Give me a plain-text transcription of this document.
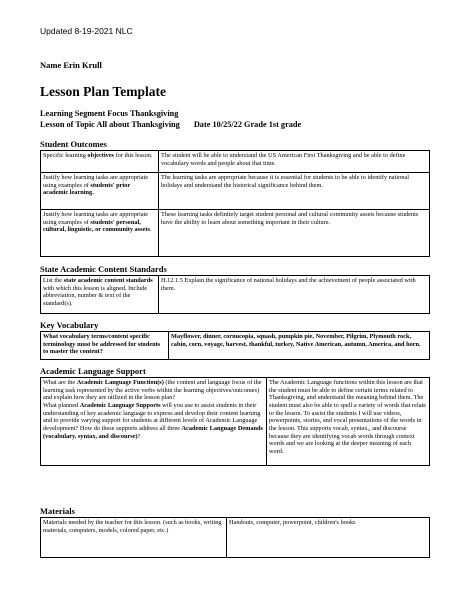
Updated 8-19-2021 NLC
Name Erin Krull
Lesson Plan Template
Learning Segment Focus Thanksgiving
Lesson of Topic All about Thanksgiving Date 10/25/22 Grade 1st grade
Student Outcomes
Specific learning objectives for this lesson.	The student will be able to understand the US American First Thanksgiving and be able to define vocabulary words and people about that time.
Justify how learning tasks are appropriate using examples of students' prior academic learning.	The learning tasks are appropriate because it is essential for students to be able to identify national holidays and understand the historical significance behind them.
Justify how learning tasks are appropriate using examples of students' personal, cultural, linguistic, or community assets.	These learning tasks definitely target student personal and cultural community assets because students have the ability to learn about something important in their culture.
State Academic Content Standards
List the state academic content standards with which this lesson is aligned. Include abbreviation, number & text of the standard(s).	H.12.1.5 Explain the significance of national holidays and the achievement of people associated with them.
Key Vocabulary
What vocabulary terms/content specific terminology must be addressed for students to master the content?	Mayflower, dinner, cornucopia, squash, pumpkin pie, November, Pilgrim, Plymouth rock, cabin, corn, voyage, harvest, thankful, turkey, Native American, autumn, America, and horn.
Academic Language Support
What are the Academic Language Function(s) (the content and language focus of the learning task represented by the active verbs within the learning objectives/outcomes) and explain how they are utilized in the lesson plan?
What planned Academic Language Supports will you use to assist students in their understanding of key academic language to express and develop their content learning and to provide varying support for students at different levels of Academic Language development? How do these supports address all three Academic Language Demands (vocabulary, syntax, and discourse)?	The Academic Language functions within this lesson are that the student must be able to define certain terms related to Thanksgiving, and understand the meaning behind them. The student must also be able to spell a variety of words that relate to the lesson. To assist the students I will use videos, powerpoints, stories, and vocal presentations of the words in the lesson. This supports vocab, syntax,, and discourse because they are identifying vocab words through context words and we are looking at the deeper meaning of each word.
Materials
Materials needed by the teacher for this lesson. (such as books, writing materials, computers, models, colored paper, etc.)	Handouts, computer, powerpoint, children's books
